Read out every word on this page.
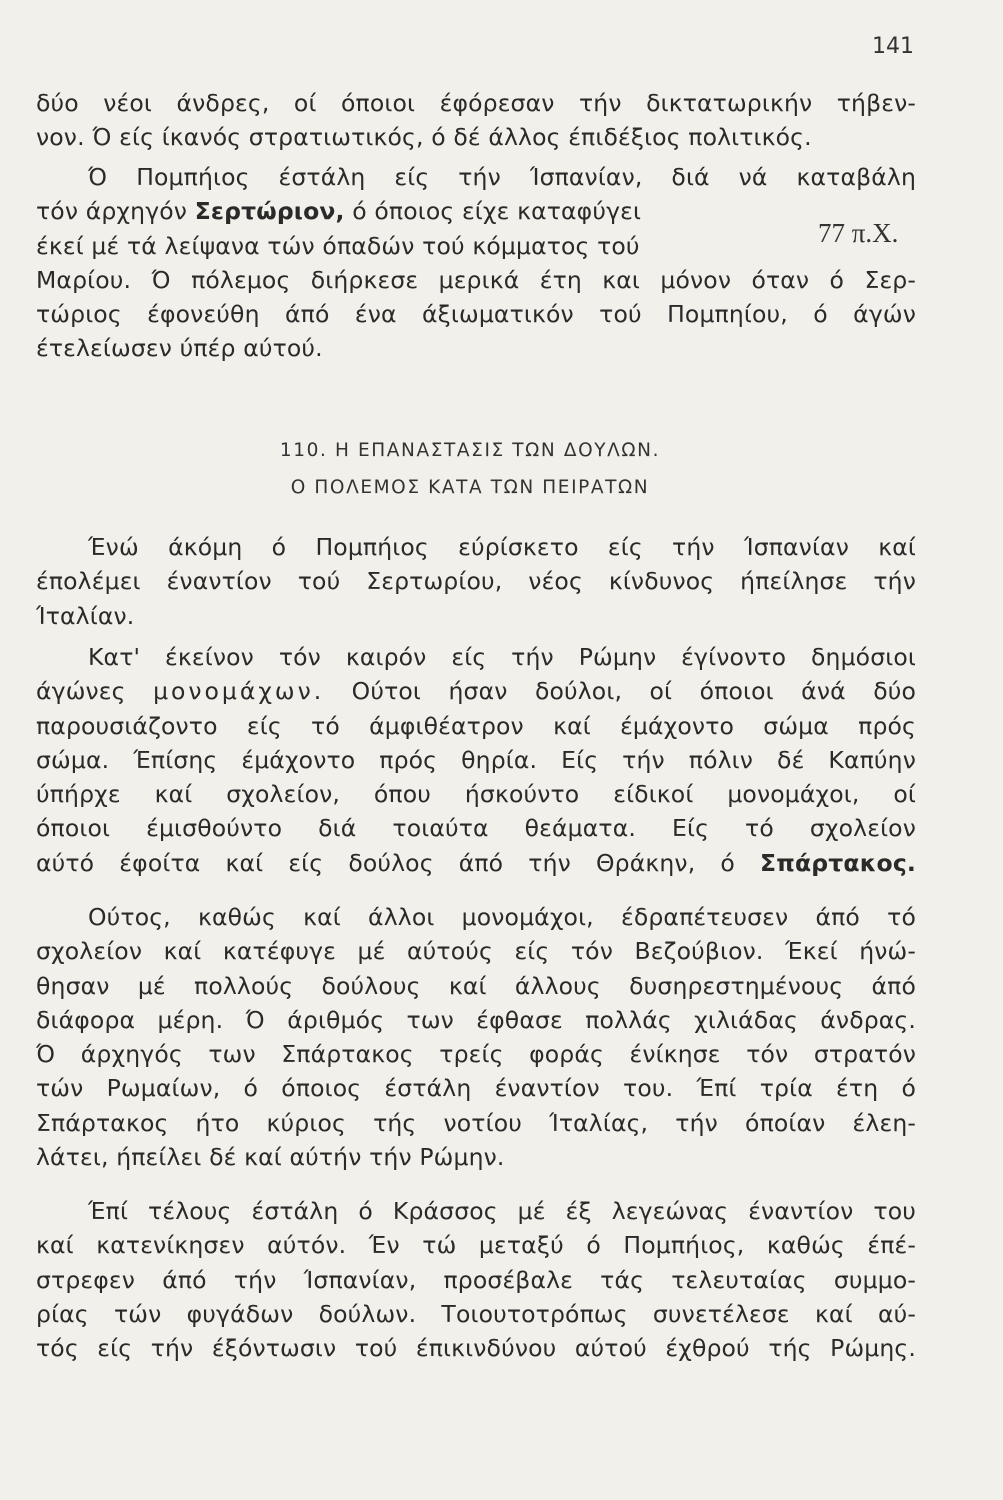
141
δύο νέοι άνδρες, οί όποιοι έφόρεσαν τήν δικτατωρικήν τήβεν-
νον. Ό είς ίκανός στρατιωτικός, ό δέ άλλος έπιδέξιος πολιτικός.
Ό Πομπήιος έστάλη είς τήν Ίσπανίαν, διά νά καταβάλη
τόν άρχηγόν Σερτώριον, ό όποιος είχε καταφύγει
έκεί μέ τά λείψανα τών όπαδών τού κόμματος τού
Μαρίου. Ό πόλεμος διήρκεσε μερικά έτη και μόνον όταν ό Σερ-
τώριος έφονεύθη άπό ένα άξιωματικόν τού Πομπηίου, ό άγών
έτελείωσεν ύπέρ αύτού.
77 π.Χ.
110. Η ΕΠΑΝΑΣΤΑΣΙΣ ΤΩΝ ΔΟΥΛΩΝ.
Ο ΠΟΛΕΜΟΣ ΚΑΤΑ ΤΩΝ ΠΕΙΡΑΤΩΝ
Ένώ άκόμη ό Πομπήιος εύρίσκετο είς τήν Ίσπανίαν καί
έπολέμει έναντίον τού Σερτωρίου, νέος κίνδυνος ήπείλησε τήν
Ίταλίαν.
Κατ' έκείνον τόν καιρόν είς τήν Ρώμην έγίνοντο δημόσιοι
άγώνες μονομάχων. Ούτοι ήσαν δούλοι, οί όποιοι άνά δύο
παρουσιάζοντο είς τό άμφιθέατρον καί έμάχοντο σώμα πρός
σώμα. Έπίσης έμάχοντο πρός θηρία. Είς τήν πόλιν δέ Καπύην
ύπήρχε καί σχολείον, όπου ήσκούντο είδικοί μονομάχοι, οί
όποιοι έμισθούντο διά τοιαύτα θεάματα. Είς τό σχολείον
αύτό έφοίτα καί είς δούλος άπό τήν Θράκην, ό Σπάρτακος.
Ούτος, καθώς καί άλλοι μονομάχοι, έδραπέτευσεν άπό τό
σχολείον καί κατέφυγε μέ αύτούς είς τόν Βεζούβιον. Έκεί ήνώ-
θησαν μέ πολλούς δούλους καί άλλους δυσηρεστημένους άπό
διάφορα μέρη. Ό άριθμός των έφθασε πολλάς χιλιάδας άνδρας.
Ό άρχηγός των Σπάρτακος τρείς φοράς ένίκησε τόν στρατόν
τών Ρωμαίων, ό όποιος έστάλη έναντίον του. Έπί τρία έτη ό
Σπάρτακος ήτο κύριος τής νοτίου Ίταλίας, τήν όποίαν έλεη-
λάτει, ήπείλει δέ καί αύτήν τήν Ρώμην.
Έπί τέλους έστάλη ό Κράσσος μέ έξ λεγεώνας έναντίον του
καί κατενίκησεν αύτόν. Έν τώ μεταξύ ό Πομπήιος, καθώς έπέ-
στρεφεν άπό τήν Ίσπανίαν, προσέβαλε τάς τελευταίας συμμο-
ρίας τών φυγάδων δούλων. Τοιουτοτρόπως συνετέλεσε καί αύ-
τός είς τήν έξόντωσιν τού έπικινδύνου αύτού έχθρού τής Ρώμης.
